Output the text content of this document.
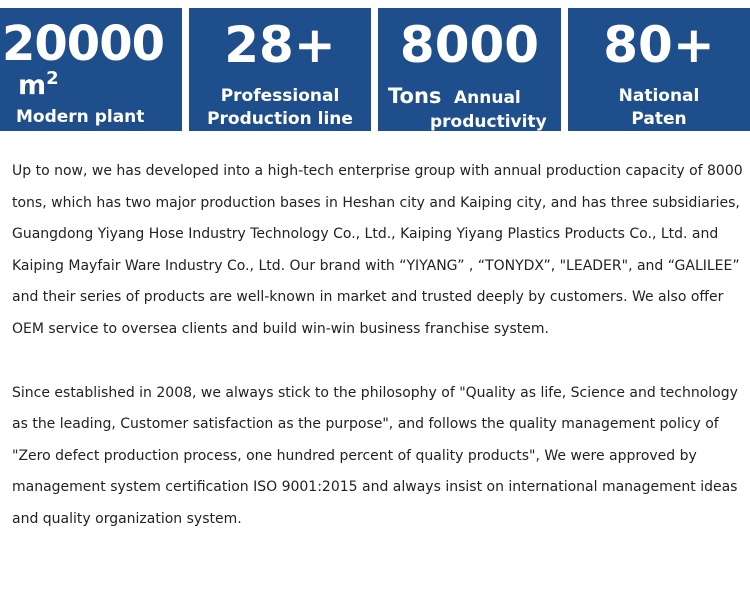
20000
$m^2$
Modern plant
28+
Professional
Production line
8000
Tons Annual
productivity
80+
National
Paten

Up to now, we has developed into a high-tech enterprise group with annual production capacity of 8000 tons, which has two major production bases in Heshan city and Kaiping city, and has three subsidiaries, Guangdong Yiyang Hose Industry Technology Co., Ltd., Kaiping Yiyang Plastics Products Co., Ltd. and Kaiping Mayfair Ware Industry Co., Ltd. Our brand with “YIYANG” , “TONYDX”, "LEADER", and “GALILEE” and their series of products are well-known in market and trusted deeply by customers. We also offer OEM service to oversea clients and build win-win business franchise system.

Since established in 2008, we always stick to the philosophy of "Quality as life, Science and technology as the leading, Customer satisfaction as the purpose", and follows the quality management policy of "Zero defect production process, one hundred percent of quality products", We were approved by management system certification ISO 9001:2015 and always insist on international management ideas and quality organization system.
